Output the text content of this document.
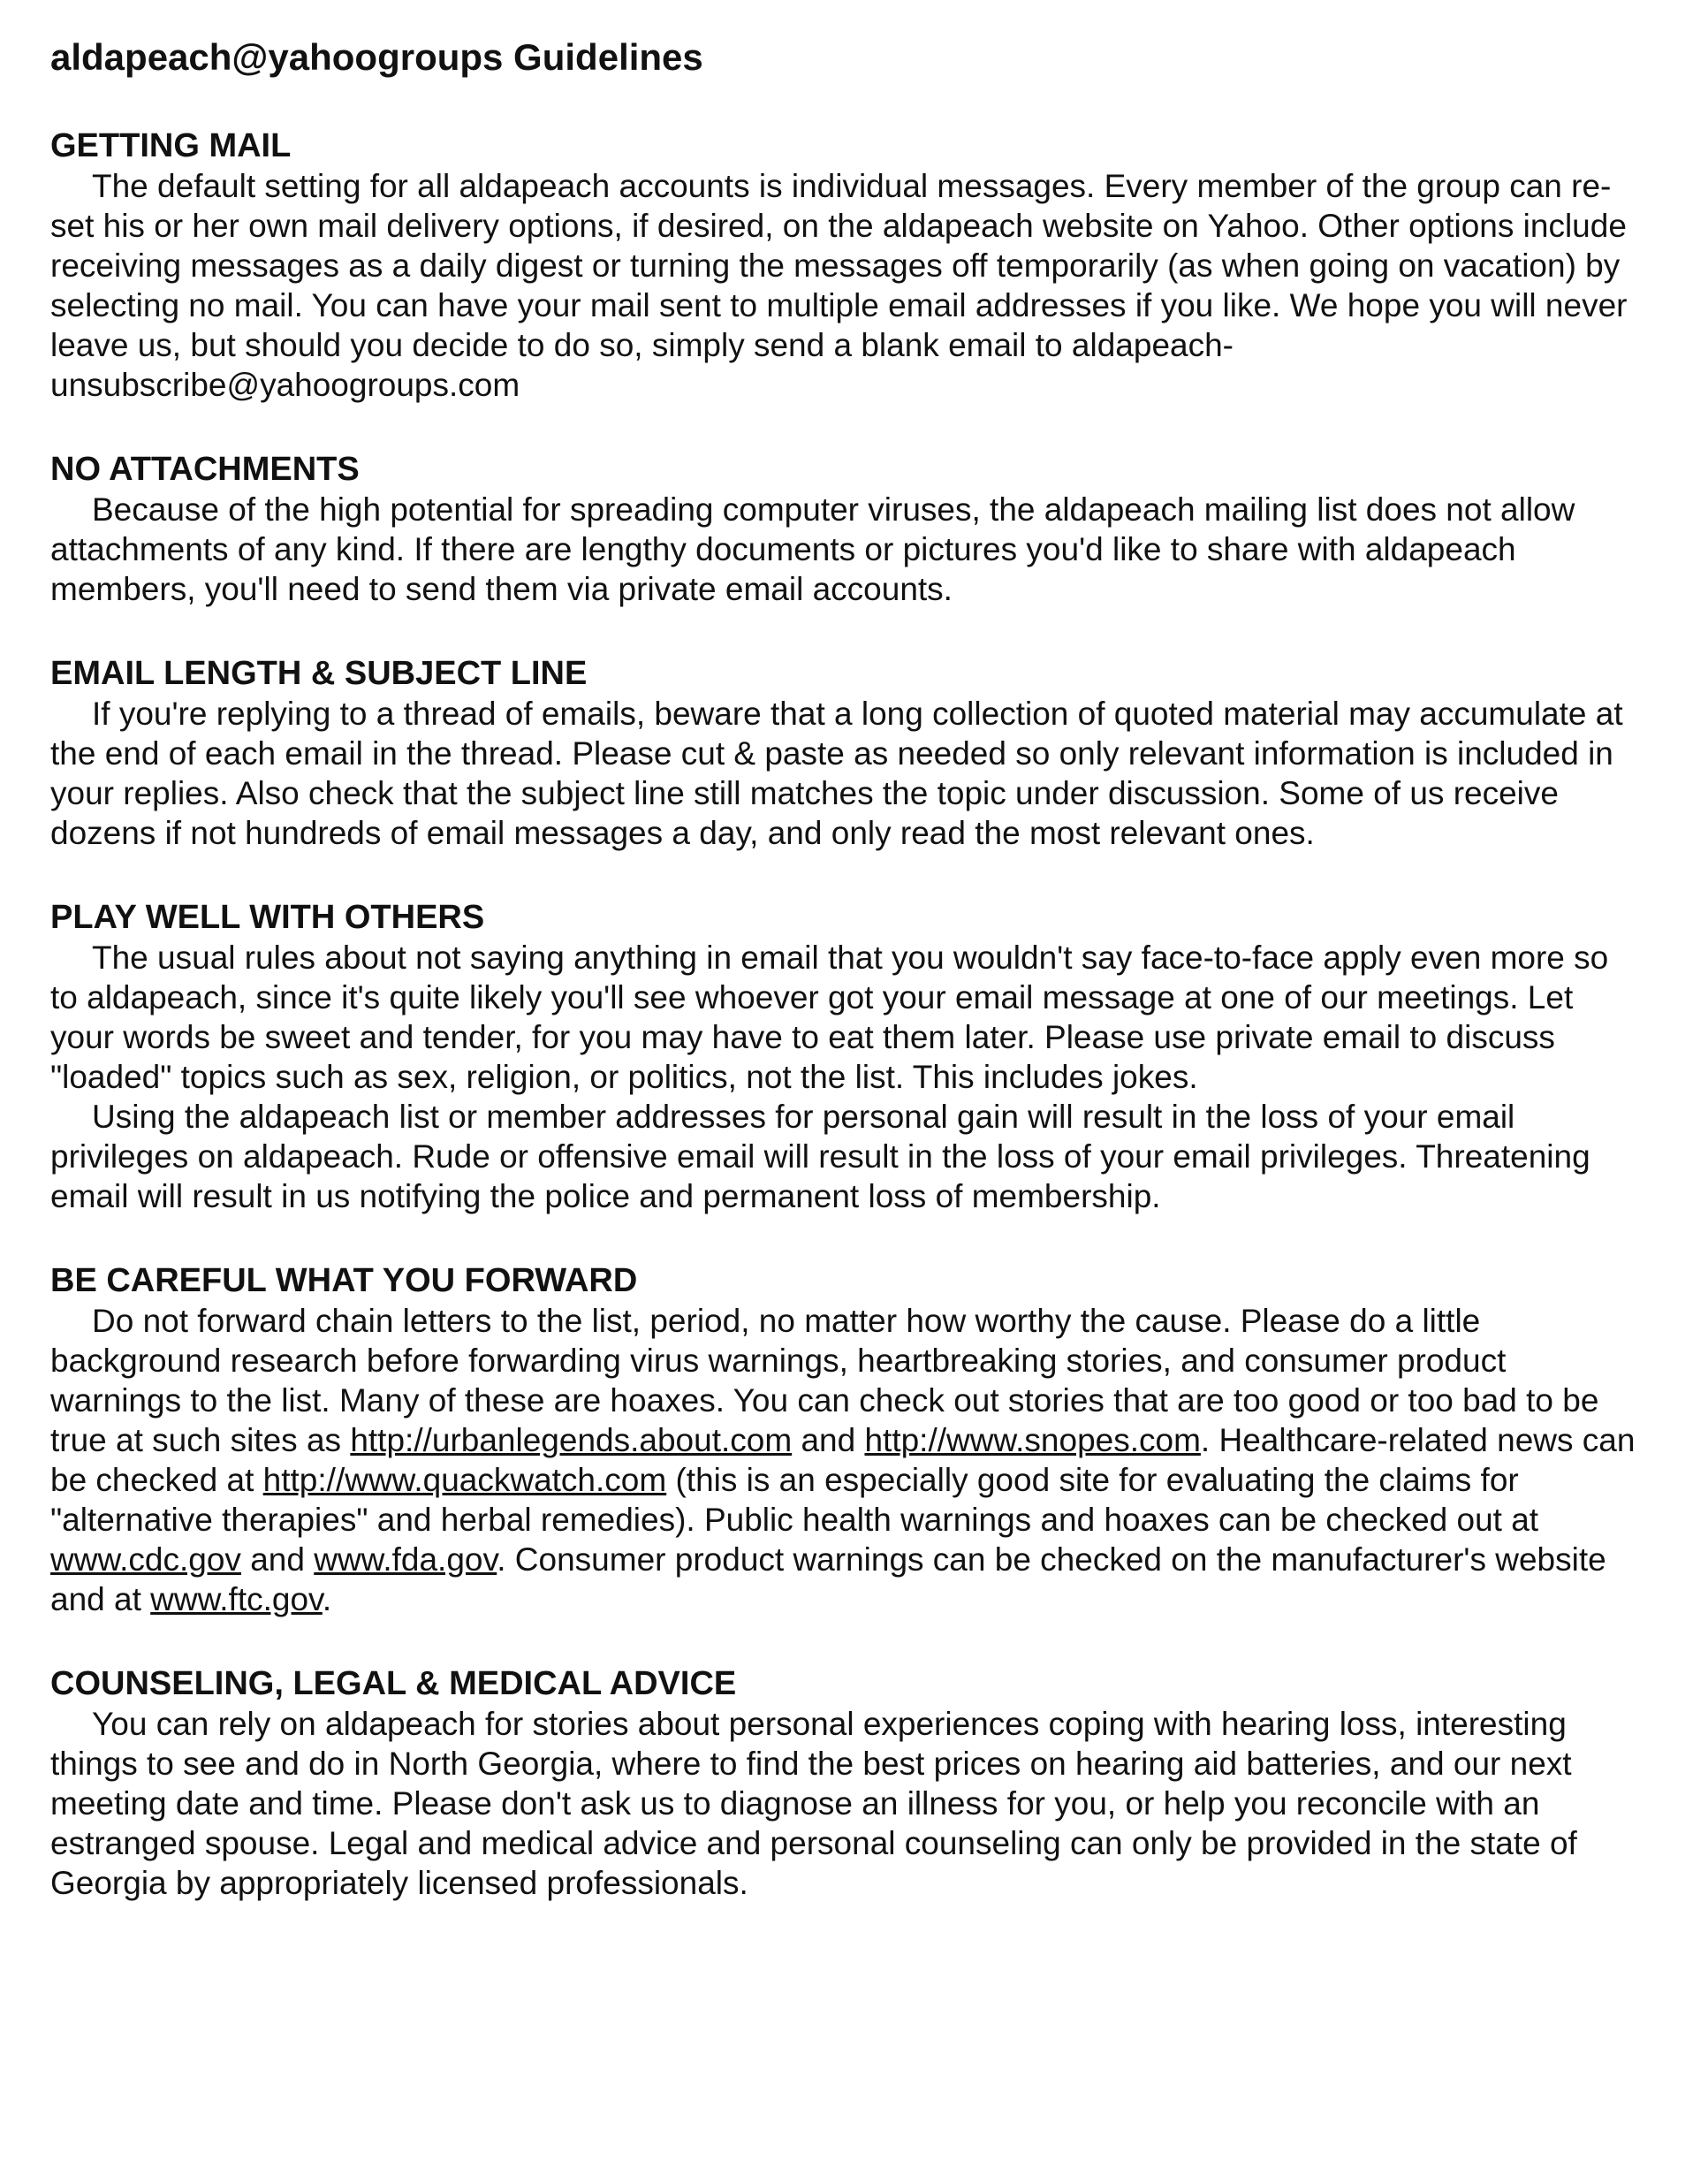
aldapeach@yahoogroups Guidelines
GETTING MAIL

The default setting for all aldapeach accounts is individual messages. Every member of the group can re-set his or her own mail delivery options, if desired, on the aldapeach website on Yahoo. Other options include receiving messages as a daily digest or turning the messages off temporarily (as when going on vacation) by selecting no mail. You can have your mail sent to multiple email addresses if you like. We hope you will never leave us, but should you decide to do so, simply send a blank email to aldapeach-unsubscribe@yahoogroups.com

NO ATTACHMENTS

Because of the high potential for spreading computer viruses, the aldapeach mailing list does not allow attachments of any kind. If there are lengthy documents or pictures you'd like to share with aldapeach members, you'll need to send them via private email accounts.

EMAIL LENGTH & SUBJECT LINE

If you're replying to a thread of emails, beware that a long collection of quoted material may accumulate at the end of each email in the thread. Please cut & paste as needed so only relevant information is included in your replies. Also check that the subject line still matches the topic under discussion. Some of us receive dozens if not hundreds of email messages a day, and only read the most relevant ones.

PLAY WELL WITH OTHERS

The usual rules about not saying anything in email that you wouldn't say face-to-face apply even more so to aldapeach, since it's quite likely you'll see whoever got your email message at one of our meetings. Let your words be sweet and tender, for you may have to eat them later. Please use private email to discuss "loaded" topics such as sex, religion, or politics, not the list. This includes jokes.

Using the aldapeach list or member addresses for personal gain will result in the loss of your email privileges on aldapeach. Rude or offensive email will result in the loss of your email privileges. Threatening email will result in us notifying the police and permanent loss of membership.

BE CAREFUL WHAT YOU FORWARD

Do not forward chain letters to the list, period, no matter how worthy the cause. Please do a little background research before forwarding virus warnings, heartbreaking stories, and consumer product warnings to the list. Many of these are hoaxes. You can check out stories that are too good or too bad to be true at such sites as http://urbanlegends.about.com and http://www.snopes.com. Healthcare-related news can be checked at http://www.quackwatch.com (this is an especially good site for evaluating the claims for "alternative therapies" and herbal remedies). Public health warnings and hoaxes can be checked out at www.cdc.gov and www.fda.gov. Consumer product warnings can be checked on the manufacturer's website and at www.ftc.gov.

COUNSELING, LEGAL & MEDICAL ADVICE

You can rely on aldapeach for stories about personal experiences coping with hearing loss, interesting things to see and do in North Georgia, where to find the best prices on hearing aid batteries, and our next meeting date and time. Please don't ask us to diagnose an illness for you, or help you reconcile with an estranged spouse. Legal and medical advice and personal counseling can only be provided in the state of Georgia by appropriately licensed professionals.
